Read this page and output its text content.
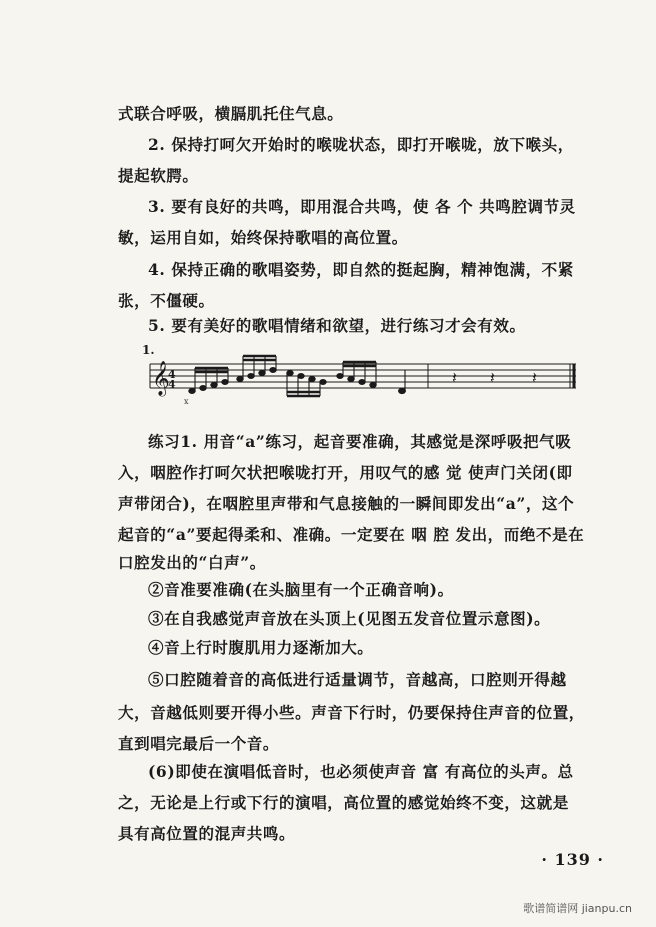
式联合呼吸，横膈肌托住气息。
2. 保持打呵欠开始时的喉咙状态，即打开喉咙，放下喉头，
提起软腭。
3. 要有良好的共鸣，即用混合共鸣，使 各 个 共鸣腔调节灵
敏，运用自如，始终保持歌唱的高位置。
4. 保持正确的歌唱姿势，即自然的挺起胸，精神饱满，不紧
张，不僵硬。
5. 要有美好的歌唱情绪和欲望，进行练习才会有效。
1.
𝄞
4
4
x
𝄽 𝄽 𝄽
练习1. 用音“a”练习，起音要准确，其感觉是深呼吸把气吸
入，咽腔作打呵欠状把喉咙打开，用叹气的感 觉 使声门关闭(即
声带闭合)，在咽腔里声带和气息接触的一瞬间即发出“a”，这个
起音的“a”要起得柔和、准确。一定要在 咽 腔 发出，而绝不是在
口腔发出的“白声”。
②音准要准确(在头脑里有一个正确音响)。
③在自我感觉声音放在头顶上(见图五发音位置示意图)。
④音上行时腹肌用力逐渐加大。
⑤口腔随着音的高低进行适量调节，音越高，口腔则开得越
大，音越低则要开得小些。声音下行时，仍要保持住声音的位置，
直到唱完最后一个音。
(6)即使在演唱低音时，也必须使声音 富 有高位的头声。总
之，无论是上行或下行的演唱，高位置的感觉始终不变，这就是
具有高位置的混声共鸣。
· 139 ·
歌谱简谱网 jianpu.cn
